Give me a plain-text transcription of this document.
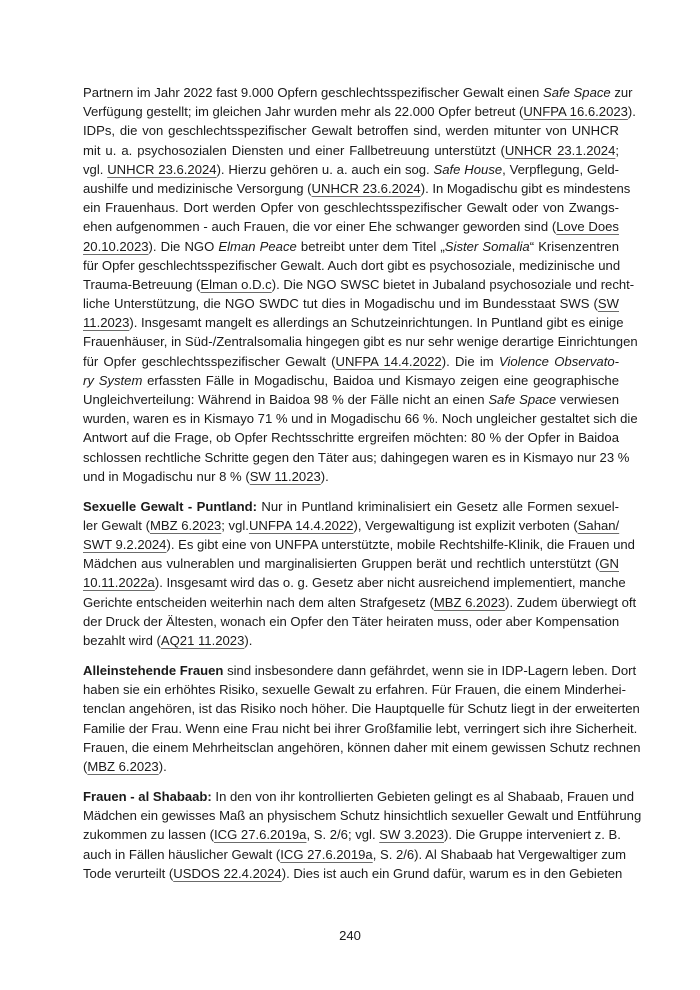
Partnern im Jahr 2022 fast 9.000 Opfern geschlechtsspezifischer Gewalt einen Safe Space zur
Verfügung gestellt; im gleichen Jahr wurden mehr als 22.000 Opfer betreut (UNFPA 16.6.2023).
IDPs, die von geschlechtsspezifischer Gewalt betroffen sind, werden mitunter von UNHCR
mit u. a. psychosozialen Diensten und einer Fallbetreuung unterstützt (UNHCR 23.1.2024;
vgl. UNHCR 23.6.2024). Hierzu gehören u. a. auch ein sog. Safe House, Verpflegung, Geld-
aushilfe und medizinische Versorgung (UNHCR 23.6.2024). In Mogadischu gibt es mindestens
ein Frauenhaus. Dort werden Opfer von geschlechtsspezifischer Gewalt oder von Zwangs-
ehen aufgenommen - auch Frauen, die vor einer Ehe schwanger geworden sind (Love Does
20.10.2023). Die NGO Elman Peace betreibt unter dem Titel „Sister Somalia“ Krisenzentren
für Opfer geschlechtsspezifischer Gewalt. Auch dort gibt es psychosoziale, medizinische und
Trauma-Betreuung (Elman o.D.c). Die NGO SWSC bietet in Jubaland psychosoziale und recht-
liche Unterstützung, die NGO SWDC tut dies in Mogadischu und im Bundesstaat SWS (SW
11.2023). Insgesamt mangelt es allerdings an Schutzeinrichtungen. In Puntland gibt es einige
Frauenhäuser, in Süd-/Zentralsomalia hingegen gibt es nur sehr wenige derartige Einrichtungen
für Opfer geschlechtsspezifischer Gewalt (UNFPA 14.4.2022). Die im Violence Observato-
ry System erfassten Fälle in Mogadischu, Baidoa und Kismayo zeigen eine geographische
Ungleichverteilung: Während in Baidoa 98 % der Fälle nicht an einen Safe Space verwiesen
wurden, waren es in Kismayo 71 % und in Mogadischu 66 %. Noch ungleicher gestaltet sich die
Antwort auf die Frage, ob Opfer Rechtsschritte ergreifen möchten: 80 % der Opfer in Baidoa
schlossen rechtliche Schritte gegen den Täter aus; dahingegen waren es in Kismayo nur 23 %
und in Mogadischu nur 8 % (SW 11.2023).
Sexuelle Gewalt - Puntland: Nur in Puntland kriminalisiert ein Gesetz alle Formen sexuel-
ler Gewalt (MBZ 6.2023; vgl.UNFPA 14.4.2022), Vergewaltigung ist explizit verboten (Sahan/
SWT 9.2.2024). Es gibt eine von UNFPA unterstützte, mobile Rechtshilfe-Klinik, die Frauen und
Mädchen aus vulnerablen und marginalisierten Gruppen berät und rechtlich unterstützt (GN
10.11.2022a). Insgesamt wird das o. g. Gesetz aber nicht ausreichend implementiert, manche
Gerichte entscheiden weiterhin nach dem alten Strafgesetz (MBZ 6.2023). Zudem überwiegt oft
der Druck der Ältesten, wonach ein Opfer den Täter heiraten muss, oder aber Kompensation
bezahlt wird (AQ21 11.2023).
Alleinstehende Frauen sind insbesondere dann gefährdet, wenn sie in IDP-Lagern leben. Dort
haben sie ein erhöhtes Risiko, sexuelle Gewalt zu erfahren. Für Frauen, die einem Minderhei-
tenclan angehören, ist das Risiko noch höher. Die Hauptquelle für Schutz liegt in der erweiterten
Familie der Frau. Wenn eine Frau nicht bei ihrer Großfamilie lebt, verringert sich ihre Sicherheit.
Frauen, die einem Mehrheitsclan angehören, können daher mit einem gewissen Schutz rechnen
(MBZ 6.2023).
Frauen - al Shabaab: In den von ihr kontrollierten Gebieten gelingt es al Shabaab, Frauen und
Mädchen ein gewisses Maß an physischem Schutz hinsichtlich sexueller Gewalt und Entführung
zukommen zu lassen (ICG 27.6.2019a, S. 2/6; vgl. SW 3.2023). Die Gruppe interveniert z. B.
auch in Fällen häuslicher Gewalt (ICG 27.6.2019a, S. 2/6). Al Shabaab hat Vergewaltiger zum
Tode verurteilt (USDOS 22.4.2024). Dies ist auch ein Grund dafür, warum es in den Gebieten
240
